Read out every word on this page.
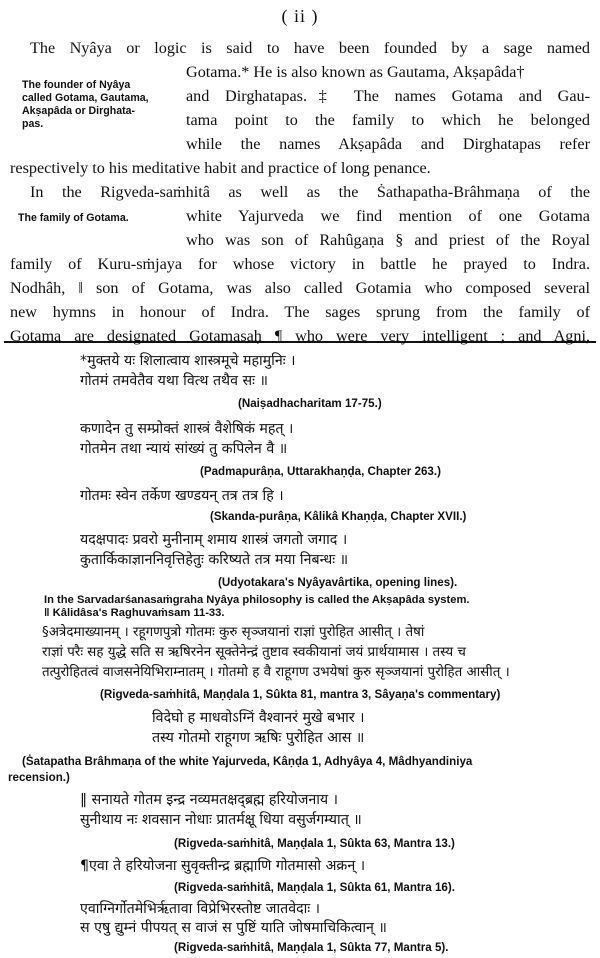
( ii )
The Nyâya or logic is said to have been founded by a sage named
Gotama.* He is also known as Gautama, Akṣapâda†
and Dirghatapas.‡ The names Gotama and Gau-
tama point to the family to which he belonged
while the names Akṣapâda and Dirghatapas refer
respectively to his meditative habit and practice of long penance.
In the Rigveda-saṁhitâ as well as the Ṡathapatha-Brâhmaṇa of the
white Yajurveda we find mention of one Gotama
who was son of Rahûgaṇa § and priest of the Royal
family of Kuru-sṁjaya for whose victory in battle he prayed to Indra.
Nodhâh, ‖ son of Gotama, was also called Gotamia who composed several
new hymns in honour of Indra. The sages sprung from the family of
Gotama are designated Gotamasaḥ ¶ who were very intelligent ; and Agni,
The founder of Nyâya
called Gotama, Gautama,
Akṣapâda or Dirghata-
pas.
The family of Gotama.
*मुक्तये यः शिलात्वाय शास्त्रमूचे महामुनिः ।
गोतमं तमवेतैव यथा वित्थ तथैव सः ॥
(Naiṣadhacharitam 17-75.)
कणादेन तु सम्प्रोक्तं शास्त्रं वैशेषिकं महत् ।
गोतमेन तथा न्यायं सांख्यं तु कपिलेन वै ॥
(Padmapurâṇa, Uttarakhaṇḍa, Chapter 263.)
गोतमः स्वेन तर्केण खण्डयन् तत्र तत्र हि ।
(Skanda-purâṇa, Kâlikâ Khaṇḍa, Chapter XVII.)
यदक्षपादः प्रवरो मुनीनाम् शमाय शास्त्रं जगतो जगाद ।
कुतार्किकाज्ञाननिवृत्तिहेतुः करिष्यते तत्र मया निबन्धः ॥
(Udyotakara's Nyâyavârtika, opening lines).
In the Sarvadarśanasaṁgraha Nyâya philosophy is called the Akṣapâda system.
‖ Kâlidâsa's Raghuvaṁsam 11-33.
§अत्रेदमाख्यानम् । रहूगणपुत्रो गोतमः कुरु सृञ्जयानां राज्ञां पुरोहित आसीत् । तेषां
राज्ञां परैः सह युद्धे सति स ऋषिरनेन सूक्तेनेन्द्रं तुष्टाव स्वकीयानां जयं प्रार्थयामास । तस्य च
तत्पुरोहितत्वं वाजसनेयिभिराम्नातम् । गोतमो ह वै राहूगण उभयेषां कुरु सृञ्जयानां पुरोहित आसीत् ।
(Rigveda-saṁhitâ, Maṇḍala 1, Sûkta 81, mantra 3, Sâyaṇa's commentary)
विदेघो ह माधवोऽग्निं वैश्वानरं मुखे बभार ।
तस्य गोतमो राहूगण ऋषिः पुरोहित आस ॥
(Ṡatapatha Brâhmaṇa of the white Yajurveda, Kâṇḍa 1, Adhyâya 4, Mâdhyandiniya
recension.)
‖ सनायते गोतम इन्द्र नव्यमतक्षद्ब्रह्म हरियोजनाय ।
सुनीथाय नः शवसान नोधाः प्रातर्मक्षू धिया वसुर्जगम्यात् ॥
(Rigveda-saṁhitâ, Maṇḍala 1, Sûkta 63, Mantra 13.)
¶एवा ते हरियोजना सुवृक्तीन्द्र ब्रह्माणि गोतमासो अक्रन् ।
(Rigveda-saṁhitâ, Maṇḍala 1, Sûkta 61, Mantra 16).
एवाग्निर्गोतमेभिर्ऋतावा विप्रेभिरस्तोष्ट जातवेदाः ।
स एषु द्युम्नं पीपयत् स वाजं स पुष्टिं याति जोषमाचिकित्वान् ॥
(Rigveda-saṁhitâ, Maṇḍala 1, Sûkta 77, Mantra 5).
